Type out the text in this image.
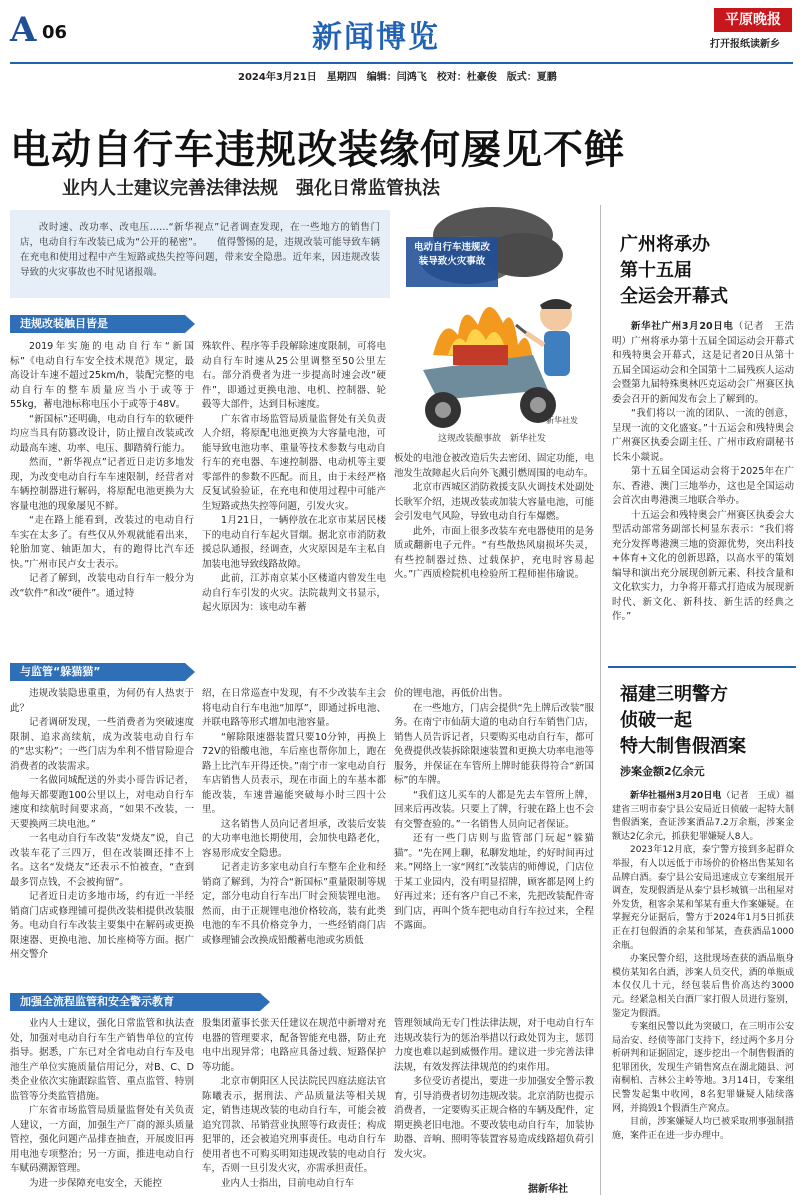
A 06	新闻博览	平原晚报
打开报纸读新乡
2024年3月21日　星期四　编辑：闫鸿飞　校对：杜豪俊　版式：夏鹏
电动自行车违规改装缘何屡见不鲜
业内人士建议完善法律法规　强化日常监管执法
改时速、改功率、改电压……“新华视点”记者调查发现，在一些地方的销售门店，电动自行车改装已成为“公开的秘密”。　　值得警惕的是，违规改装可能导致车辆在充电和使用过程中产生短路或热失控等问题，带来安全隐患。近年来，因违规改装导致的火灾事故也不时见诸报端。
电动自行车违规改装导致火灾事故
新华社发
这规改装酿事故　新华社发
违规改装触目皆是

2019年实施的电动自行车“新国标”《电动自行车安全技术规范》规定，最高设计车速不超过25km/h，装配完整的电动自行车的整车质量应当小于或等于55kg，蓄电池标称电压小于或等于48V。

“新国标”还明确，电动自行车的软硬件均应当具有防篡改设计，防止擅自改装或改动最高车速、功率、电压、脚踏骑行能力。

然而，“新华视点”记者近日走访多地发现，为改变电动自行车车速限制，经营者对车辆控制器进行解码，将原配电池更换为大容量电池的现象屡见不鲜。

“走在路上能看到，改装过的电动自行车实在太多了。有些仅从外观就能看出来，轮胎加宽、轴距加大，有的跑得比汽车还快。”广州市民卢女士表示。

记者了解到，改装电动自行车一般分为改“软件”和改“硬件”。通过特

殊软件、程序等手段解除速度限制，可将电动自行车时速从25公里调整至50公里左右。部分消费者为进一步提高时速会改“硬件”，即通过更换电池、电机、控制器、轮毂等大部件，达到目标速度。

广东省市场监管局质量监督处有关负责人介绍，将原配电池更换为大容量电池，可能导致电池功率、重量等技术参数与电动自行车的充电器、车速控制器、电动机等主要零部件的参数不匹配。而且，由于未经严格反复试验验证，在充电和使用过程中可能产生短路或热失控等问题，引发火灾。

1月21日，一辆停放在北京市某居民楼下的电动自行车起火冒烟。据北京市消防救援总队通报，经调查，火灾原因是车主私自加装电池导致线路故障。

此前，江苏南京某小区楼道内曾发生电动自行车引发的火灾。法院裁判文书显示，起火原因为：该电动车蓄

板处的电池仓被改造后失去密闭、固定功能，电池发生故障起火后向外飞溅引燃周围的电动车。

北京市西城区消防救援支队火调技术处副处长耿军介绍，违规改装或加装大容量电池，可能会引发电气风险，导致电动自行车爆燃。

此外，市面上很多改装车充电器使用的是务质或翻新电子元件。“有些散热风扇损坏失灵，有些控制器过热、过载保护，充电时容易起火。”广西质检院机电检验所工程师崔伟瑜说。

与监管“躲猫猫”

违规改装隐患重重，为何仍有人热衷于此？

记者调研发现，一些消费者为突破速度限制、追求高续航，成为改装电动自行车的“忠实粉”；一些门店为牟利不惜冒险迎合消费者的改装需求。

一名做同城配送的外卖小哥告诉记者，他每天都要跑100公里以上，对电动自行车速度和续航时间要求高，“如果不改装，一天要换两三块电池。”

一名电动自行车改装“发烧友”说，自己改装车花了三四万，但在改装圈还排不上名。这名“发烧友”还表示不怕被查，“查到最多罚点钱，不会被拘留”。

记者近日走访多地市场，约有近一半经销商门店或修理铺可提供改装相提供改装服务。电动自行车改装主要集中在解码或更换限速器、更换电池、加长座椅等方面。据广州交警介

绍，在日常巡查中发现，有不少改装车主会将电动自行车电池“加厚”，即通过拆电池、并联电路等形式增加电池容量。

“解除限速器装置只要10分钟，再换上72V的铅酸电池，车后座也帮你加上，跑在路上比汽车开得还快。”南宁市一家电动自行车店销售人员表示，现在市面上的车基本都能改装，车速普遍能突破每小时三四十公里。

这名销售人员向记者坦承，改装后安装的大功率电池长期使用，会加快电路老化，容易形成安全隐患。

记者走访多家电动自行车整车企业和经销商了解到，为符合“新国标”重量限制等规定，部分电动自行车出厂时会预装锂电池。然而，由于正规锂电池价格较高，装有此类电池的车不具价格竞争力，一些经销商门店或修理铺会改换成铅酸蓄电池或劣质低

价的锂电池，再低价出售。

在一些地方，门店会提供“先上牌后改装”服务。在南宁市仙葫大道的电动自行车销售门店，销售人员告诉记者，只要购买电动自行车，都可免费提供改装拆除限速装置和更换大功率电池等服务，并保证在车管所上牌时能获得符合“新国标”的车牌。

“我们这儿买车的人都是先去车管所上牌，回来后再改装。只要上了牌，行驶在路上也不会有交警查验的。”一名销售人员向记者保证。

还有一些门店则与监管部门玩起“躲猫猫”。“先在网上聊，私聊发地址，约好时间再过来。”网络上一家“网红”改装店的师傅说，门店位于某工业园内，没有明显招牌，顾客都是网上约好再过来；还有客户自己不来，先把改装配件寄到门店，再叫个货车把电动自行车拉过来，全程不露面。

加强全流程监管和安全警示教育

业内人士建议，强化日常监管和执法查处，加强对电动自行车生产销售单位的宣传指导。据悉，广东已对全省电动自行车及电池生产单位实施质量信用记分，对B、C、D类企业依次实施跟踪监管、重点监管、特别监管等分类监管措施。

广东省市场监管局质量监督处有关负责人建议，一方面，加强生产厂商的源头质量管控，强化问题产品排查抽查，开展废旧再用电池专项整治；另一方面，推进电动自行车赋码溯源管理。

为进一步保障充电安全，天能控

股集团董事长张天任建议在规范中新增对充电器的管理要求，配备智能充电器，防止充电中出现异常；电路应具备过载、短路保护等功能。

北京市朝阳区人民法院民四庭法庭法官陈曦表示，据刑法、产品质量法等相关规定，销售违规改装的电动自行车，可能会被追究罚款、吊销营业执照等行政责任；构成犯罪的，还会被追究刑事责任。电动自行车使用者也不可购买明知违规改装的电动自行车，否则一旦引发火灾，亦需承担责任。

业内人士指出，目前电动自行车

管理领域尚无专门性法律法规，对于电动自行车违规改装行为的惩治举措以行政处罚为主，惩罚力度也难以起到威慑作用。建议进一步完善法律法规，有效发挥法律规范的约束作用。

多位受访者提出，要进一步加强安全警示教育，引导消费者切勿违规改装。北京消防也提示消费者，一定要购买正规合格的车辆及配件，定期更换老旧电池。不要改装电动自行车，加装协助器、音响、照明等装置容易造成线路超负荷引发火灾。

据新华社
广州将承办
第十五届
全运会开幕式

新华社广州3月20日电（记者　王浩明）广州将承办第十五届全国运动会开幕式和残特奥会开幕式，这是记者20日从第十五届全国运动会和全国第十二届残疾人运动会暨第九届特殊奥林匹克运动会广州赛区执委会召开的新闻发布会上了解到的。

“我们将以一流的团队、一流的创意，呈现一流的文化盛宴。”十五运会和残特奥会广州赛区执委会副主任、广州市政府副秘书长朱小燚说。

第十五届全国运动会将于2025年在广东、香港、澳门三地举办，这也是全国运动会首次由粤港澳三地联合举办。

十五运会和残特奥会广州赛区执委会大型活动部常务副部长柯显东表示：“我们将充分发挥粤港澳三地的资源优势，突出科技+体育+文化的创新思路，以高水平的策划编导和演出充分展现创新元素、科技含量和文化软实力，力争将开幕式打造成为展现新时代、新文化、新科技、新生活的经典之作。”

福建三明警方
侦破一起
特大制售假酒案
涉案金额2亿余元

新华社福州3月20日电（记者　王成）福建省三明市泰宁县公安局近日侦破一起特大制售假酒案，查证涉案酒品7.2万余瓶，涉案金额达2亿余元，抓获犯罪嫌疑人8人。

2023年12月底，泰宁警方接到多起群众举报，有人以远低于市场价的价格出售某知名品牌白酒。泰宁县公安局迅速成立专案组展开调查，发现假酒是从泰宁县杉城镇一出租屋对外发货，租客余某和邹某有重大作案嫌疑。在掌握充分证据后，警方于2024年1月5日抓获正在打包假酒的余某和邹某，查获酒品1000余瓶。

办案民警介绍，这批现场查获的酒品瓶身模仿某知名白酒，涉案人员交代，酒的单瓶成本仅仅几十元，经包装后售价高达约3000元。经紧急相关白酒厂家打假人员进行鉴别，鉴定为假酒。

专案组民警以此为突破口，在三明市公安局治安、经侦等部门支持下，经过两个多月分析研判和证据固定，逐步挖出一个制售假酒的犯罪团伙，发现生产销售窝点在湖北随县、河南桐柏、吉林公主岭等地。3月14日，专案组民警发起集中收网，8名犯罪嫌疑人陆续落网，并捣毁1个假酒生产窝点。

目前，涉案嫌疑人均已被采取刑事强制措施，案件正在进一步办理中。
